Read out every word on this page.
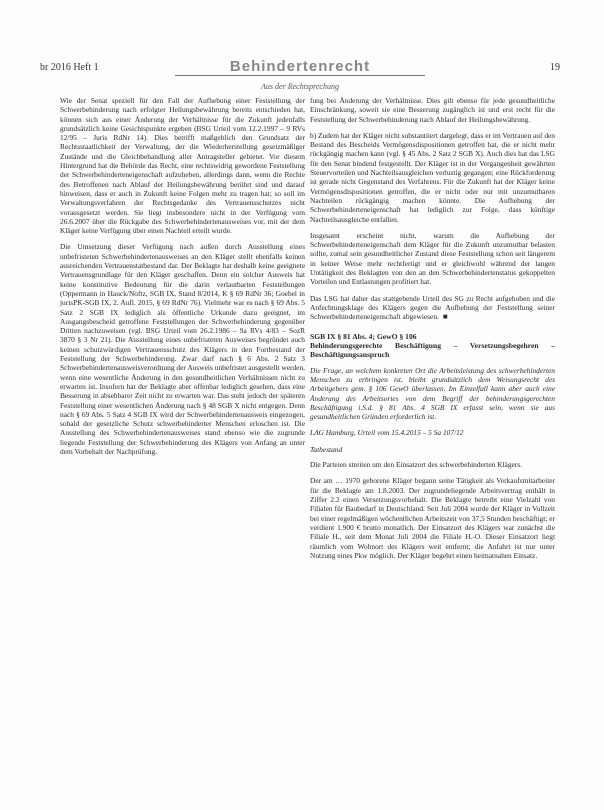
br 2016 Heft 1	Behindertenrecht	19
Aus der Rechtsprechung

Wie der Senat speziell für den Fall der Aufhebung einer Feststellung der Schwerbehinderung nach erfolgter Heilungsbewährung bereits entschieden hat, können sich aus einer Änderung der Verhältnisse für die Zukunft jedenfalls grundsätzlich keine Gesichtspunkte ergeben (BSG Urteil vom 12.2.1997 – 9 RVs 12/95 – Juris RdNr 14). Dies betrifft maßgeblich den Grundsatz der Rechtsstaatlichkeit der Verwaltung, der die Wiederherstellung gesetzmäßiger Zustände und die Gleichbehandlung aller Antragsteller gebietet. Vor diesem Hintergrund hat die Behörde das Recht, eine rechtswidrig gewordene Feststellung der Schwerbehinderteneigenschaft aufzuheben, allerdings dann, wenn die Rechte des Betroffenen nach Ablauf der Heilungsbewährung berührt sind und darauf hinweisen, dass er auch in Zukunft keine Folgen mehr zu tragen hat; so soll im Verwaltungsverfahren der Rechtsgedanke des Vertrauensschutzes nicht vorausgesetzt werden. Sie liegt insbesondere nicht in der Verfügung vom 26.6.2007 über die Rückgabe des Schwerbehindertenausweises vor, mit der dem Kläger keine Verfügung über einen Nachteil erteilt wurde.

Die Umsetzung dieser Verfügung nach außen durch Ausstellung eines unbefristeten Schwerbehindertenausweises an den Kläger stellt ebenfalls keinen ausreichenden Vertrauenstatbestand dar. Der Beklagte hat deshalb keine geeignete Vertrauensgrundlage für den Kläger geschaffen. Denn ein solcher Ausweis hat keine konstitutive Bedeutung für die darin verlautbarten Feststellungen (Oppermann in Hauck/Noftz, SGB IX, Stand 8/2014, K § 69 RdNr 36; Goebel in jurisPK-SGB IX, 2. Aufl. 2015, § 69 RdNr 76). Vielmehr war es nach § 69 Abs. 5 Satz 2 SGB IX lediglich als öffentliche Urkunde dazu geeignet, im Ausgangsbescheid getroffene Feststellungen der Schwerbehinderung gegenüber Dritten nachzuweisen (vgl. BSG Urteil vom 26.2.1986 – 9a RVs 4/83 – SozR 3870 § 3 Nr 21). Die Ausstellung eines unbefristeten Ausweises begründet auch keinen schutzwürdigen Vertrauensschutz des Klägers in den Fortbestand der Feststellung der Schwerbehinderung. Zwar darf nach § 6 Abs. 2 Satz 3 Schwerbehindertenausweisverordnung der Ausweis unbefristet ausgestellt werden, wenn eine wesentliche Änderung in den gesundheitlichen Verhältnissen nicht zu erwarten ist. Insofern hat der Beklagte aber offenbar lediglich gesehen, dass eine Besserung in absehbarer Zeit nicht zu erwarten war. Das steht jedoch der späteren Feststellung einer wesentlichen Änderung nach § 48 SGB X nicht entgegen. Denn nach § 69 Abs. 5 Satz 4 SGB IX wird der Schwerbehindertenausweis eingezogen, sobald der gesetzliche Schutz schwerbehinderter Menschen erloschen ist. Die Ausstellung des Schwerbehindertenausweises stand ebenso wie die zugrunde liegende Feststellung der Schwerbehinderung des Klägers von Anfang an unter dem Vorbehalt der Nachprüfung.

fung bei Änderung der Verhältnisse. Dies gilt ebenso für jede gesundheitliche Einschränkung, soweit sie eine Besserung zugänglich ist und erst recht für die Feststellung der Schwerbehinderung nach Ablauf der Heilungsbewährung.

b) Zudem hat der Kläger nicht substantiiert dargelegt, dass er im Vertrauen auf den Bestand des Bescheids Vermögensdispositionen getroffen hat, die er nicht mehr rückgängig machen kann (vgl. § 45 Abs. 2 Satz 2 SGB X). Auch dies hat das LSG für den Senat bindend festgestellt. Der Kläger ist in der Vergangenheit gewährten Steuervorteilen und Nachteilsausgleichen verlustig gegangen; eine Rückforderung ist gerade nicht Gegenstand des Verfahrens. Für die Zukunft hat der Kläger keine Vermögensdispositionen getroffen, die er nicht oder nur mit unzumutbaren Nachteilen rückgängig machen könnte. Die Aufhebung der Schwerbehinderteneigenschaft hat lediglich zur Folge, dass künftige Nachteilsausgleiche entfallen.

Insgesamt erscheint nicht, warum die Aufhebung der Schwerbehinderteneigenschaft dem Kläger für die Zukunft unzumutbar belasten sollte, zumal sein gesundheitlicher Zustand diese Feststellung schon seit längerem in keiner Weise mehr rechtfertigt und er gleichwohl während der langen Untätigkeit des Beklagten von den an den Schwerbehindertenstatus gekoppelten Vorteilen und Entlastungen profitiert hat.

Das LSG hat daher das stattgebende Urteil des SG zu Recht aufgehoben und die Anfechtungsklage des Klägers gegen die Aufhebung der Feststellung seiner Schwerbehinderteneigenschaft abgewiesen. ■

SGB IX § 81 Abs. 4; GewO § 106
Behinderungsgerechte Beschäftigung – Versetzungsbegehren – Beschäftigungsanspruch
Die Frage, an welchem konkreten Ort die Arbeitsleistung des schwerbehinderten Menschen zu erbringen ist, bleibt grundsätzlich dem Weisungsrecht des Arbeitgebers gem. § 106 GewO überlassen. Im Einzelfall kann aber auch eine Änderung des Arbeitsortes von dem Begriff der behinderungsgerechten Beschäftigung i.S.d. § 81 Abs. 4 SGB IX erfasst sein, wenn sie aus gesundheitlichen Gründen erforderlich ist.
LAG Hamburg, Urteil vom 15.4.2015 – 5 Sa 107/12
Tatbestand

Die Parteien streiten um den Einsatzort des schwerbehinderten Klägers.

Der am … 1970 geborene Kläger begann seine Tätigkeit als Verkaufsmitarbeiter für die Beklagte am 1.8.2003. Der zugrundeliegende Arbeitsvertrag enthält in Ziffer 2.2 einen Versetzungsvorbehalt. Die Beklagte betreibt eine Vielzahl von Filialen für Baubedarf in Deutschland. Seit Juli 2004 wurde der Kläger in Vollzeit bei einer regelmäßigen wöchentlichen Arbeitszeit von 37,5 Stunden beschäftigt; er verdient 1.900 € brutto monatlich. Der Einsatzort des Klägers war zunächst die Filiale H., seit dem Monat Juli 2004 die Filiale H.-O. Dieser Einsatzort liegt räumlich vom Wohnort des Klägers weit entfernt; die Anfahrt ist nur unter Nutzung eines Pkw möglich. Der Kläger begehrt einen heimatnahen Einsatz.
